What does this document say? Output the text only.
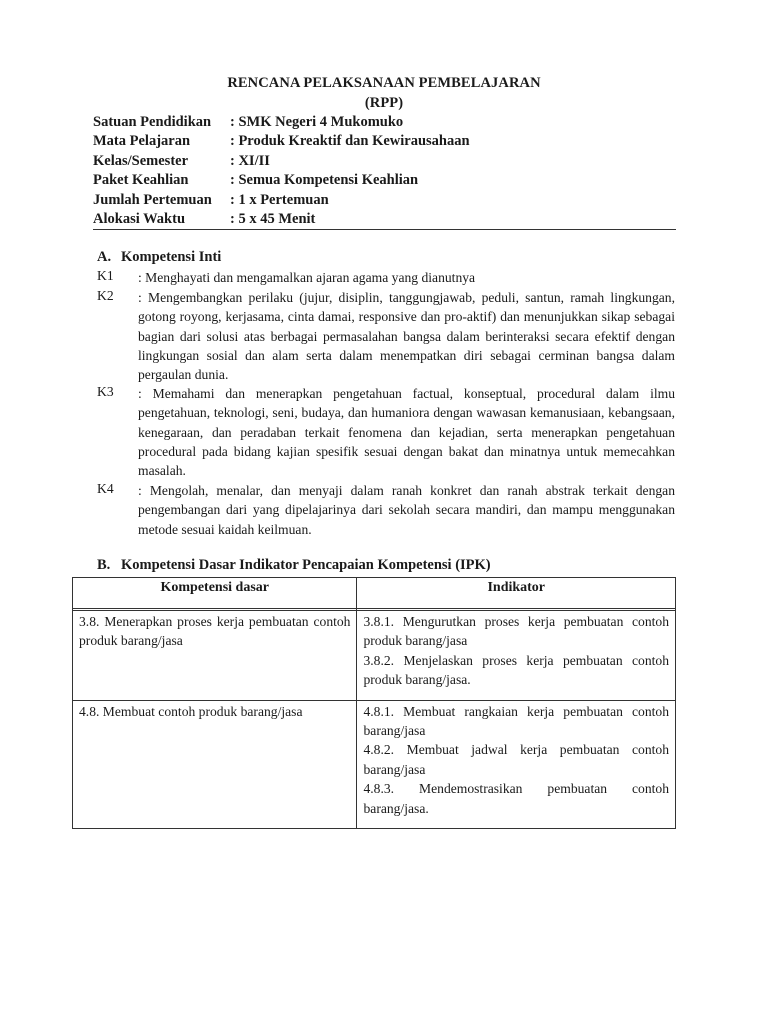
RENCANA PELAKSANAAN PEMBELAJARAN
(RPP)
Satuan Pendidikan	: SMK Negeri 4 Mukomuko
Mata Pelajaran	: Produk Kreaktif dan Kewirausahaan
Kelas/Semester	: XI/II
Paket Keahlian	: Semua Kompetensi Keahlian
Jumlah Pertemuan	: 1 x Pertemuan
Alokasi Waktu	: 5 x 45 Menit
A. Kompetensi Inti
K1	: Menghayati dan mengamalkan ajaran agama yang dianutnya
K2	: Mengembangkan perilaku (jujur, disiplin, tanggungjawab, peduli, santun, ramah lingkungan, gotong royong, kerjasama, cinta damai, responsive dan pro-aktif) dan menunjukkan sikap sebagai bagian dari solusi atas berbagai permasalahan bangsa dalam berinteraksi secara efektif dengan lingkungan sosial dan alam serta dalam menempatkan diri sebagai cerminan bangsa dalam pergaulan dunia.
K3	: Memahami dan menerapkan pengetahuan factual, konseptual, procedural dalam ilmu pengetahuan, teknologi, seni, budaya, dan humaniora dengan wawasan kemanusiaan, kebangsaan, kenegaraan, dan peradaban terkait fenomena dan kejadian, serta menerapkan pengetahuan procedural pada bidang kajian spesifik sesuai dengan bakat dan minatnya untuk memecahkan masalah.
K4	: Mengolah, menalar, dan menyaji dalam ranah konkret dan ranah abstrak terkait dengan pengembangan dari yang dipelajarinya dari sekolah secara mandiri, dan mampu menggunakan metode sesuai kaidah keilmuan.
B. Kompetensi Dasar Indikator Pencapaian Kompetensi (IPK)
Kompetensi dasar	Indikator

3.8. Menerapkan proses kerja pembuatan contoh produk barang/jasa	3.8.1. Mengurutkan proses kerja pembuatan contoh produk barang/jasa
3.8.2. Menjelaskan proses kerja pembuatan contoh produk barang/jasa.

4.8. Membuat contoh produk barang/jasa	4.8.1. Membuat rangkaian kerja pembuatan contoh barang/jasa
4.8.2. Membuat jadwal kerja pembuatan contoh barang/jasa
4.8.3. Mendemostrasikan pembuatan contoh barang/jasa.
